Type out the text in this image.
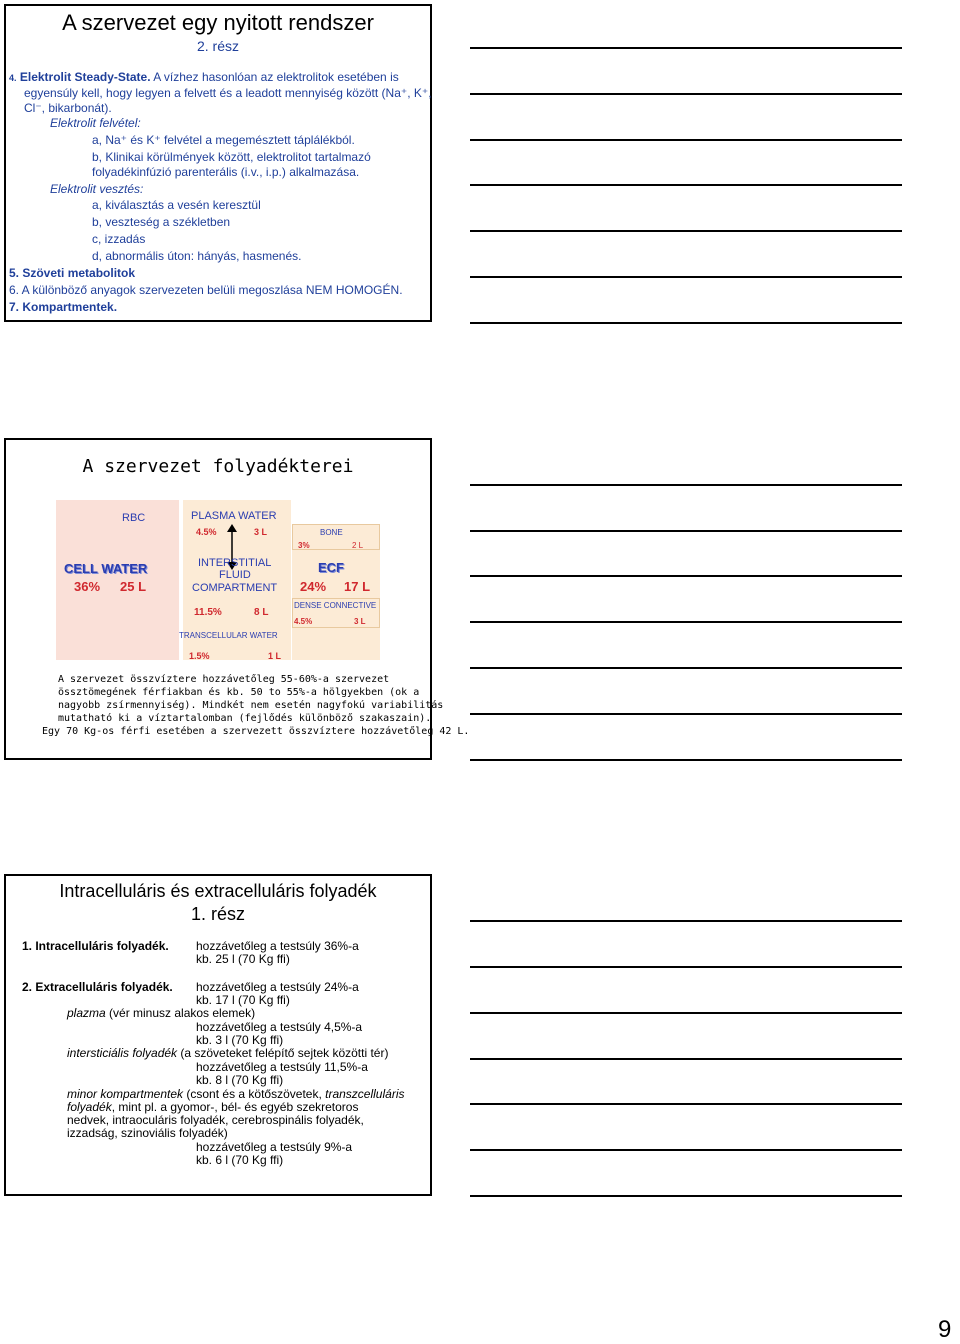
A szervezet egy nyitott rendszer
2. rész
4. Elektrolit Steady-State. A vízhez hasonlóan az elektrolitok esetében is
egyensúly kell, hogy legyen a felvett és a leadott mennyiség között (Na⁺, K⁺,
Cl⁻, bikarbonát).
Elektrolit felvétel:
a, Na⁺ és K⁺ felvétel a megemésztett táplálékból.
b, Klinikai körülmények között, elektrolitot tartalmazó
folyadékinfúzió parenterális (i.v., i.p.) alkalmazása.
Elektrolit vesztés:
a, kiválasztás a vesén keresztül
b, veszteség a székletben
c, izzadás
d, abnormális úton: hányás, hasmenés.
5. Szöveti metabolitok
6. A különböző anyagok szervezeten belüli megoszlása NEM HOMOGÉN.
7. Kompartmentek.
A szervezet folyadékterei
RBC
CELL WATER
36% 25 L
PLASMA WATER
4.5%	3 L
INTERSTITIAL
FLUID
COMPARTMENT
11.5%	8 L
TRANSCELLULAR WATER
1.5%	1 L
BONE
3%	2 L
ECF
24% 17 L
DENSE CONNECTIVE
4.5%	3 L
A szervezet összvíztere hozzávetőleg 55-60%-a szervezet
össztömegének férfiakban és kb. 50 to 55%-a hölgyekben (ok a
nagyobb zsírmennyiség). Mindkét nem esetén nagyfokú variabilitás
mutatható ki a víztartalomban (fejlődés különböző szakaszain).
Egy 70 Kg-os férfi esetében a szervezett összvíztere hozzávetőleg 42 L.
Intracelluláris és extracelluláris folyadék
1. rész
1. Intracelluláris folyadék. hozzávetőleg a testsúly 36%-a
kb. 25 l (70 Kg ffi)
2. Extracelluláris folyadék. hozzávetőleg a testsúly 24%-a
kb. 17 l (70 Kg ffi)
plazma (vér minusz alakos elemek)
hozzávetőleg a testsúly 4,5%-a
kb. 3 l (70 Kg ffi)
intersticiális folyadék (a szöveteket felépítő sejtek közötti tér)
hozzávetőleg a testsúly 11,5%-a
kb. 8 l (70 Kg ffi)
minor kompartmentek (csont és a kötőszövetek, transzcelluláris
folyadék, mint pl. a gyomor-, bél- és egyéb szekretoros
nedvek, intraoculáris folyadék, cerebrospinális folyadék,
izzadság, szinoviális folyadék)
hozzávetőleg a testsúly 9%-a
kb. 6 l (70 Kg ffi)
9
